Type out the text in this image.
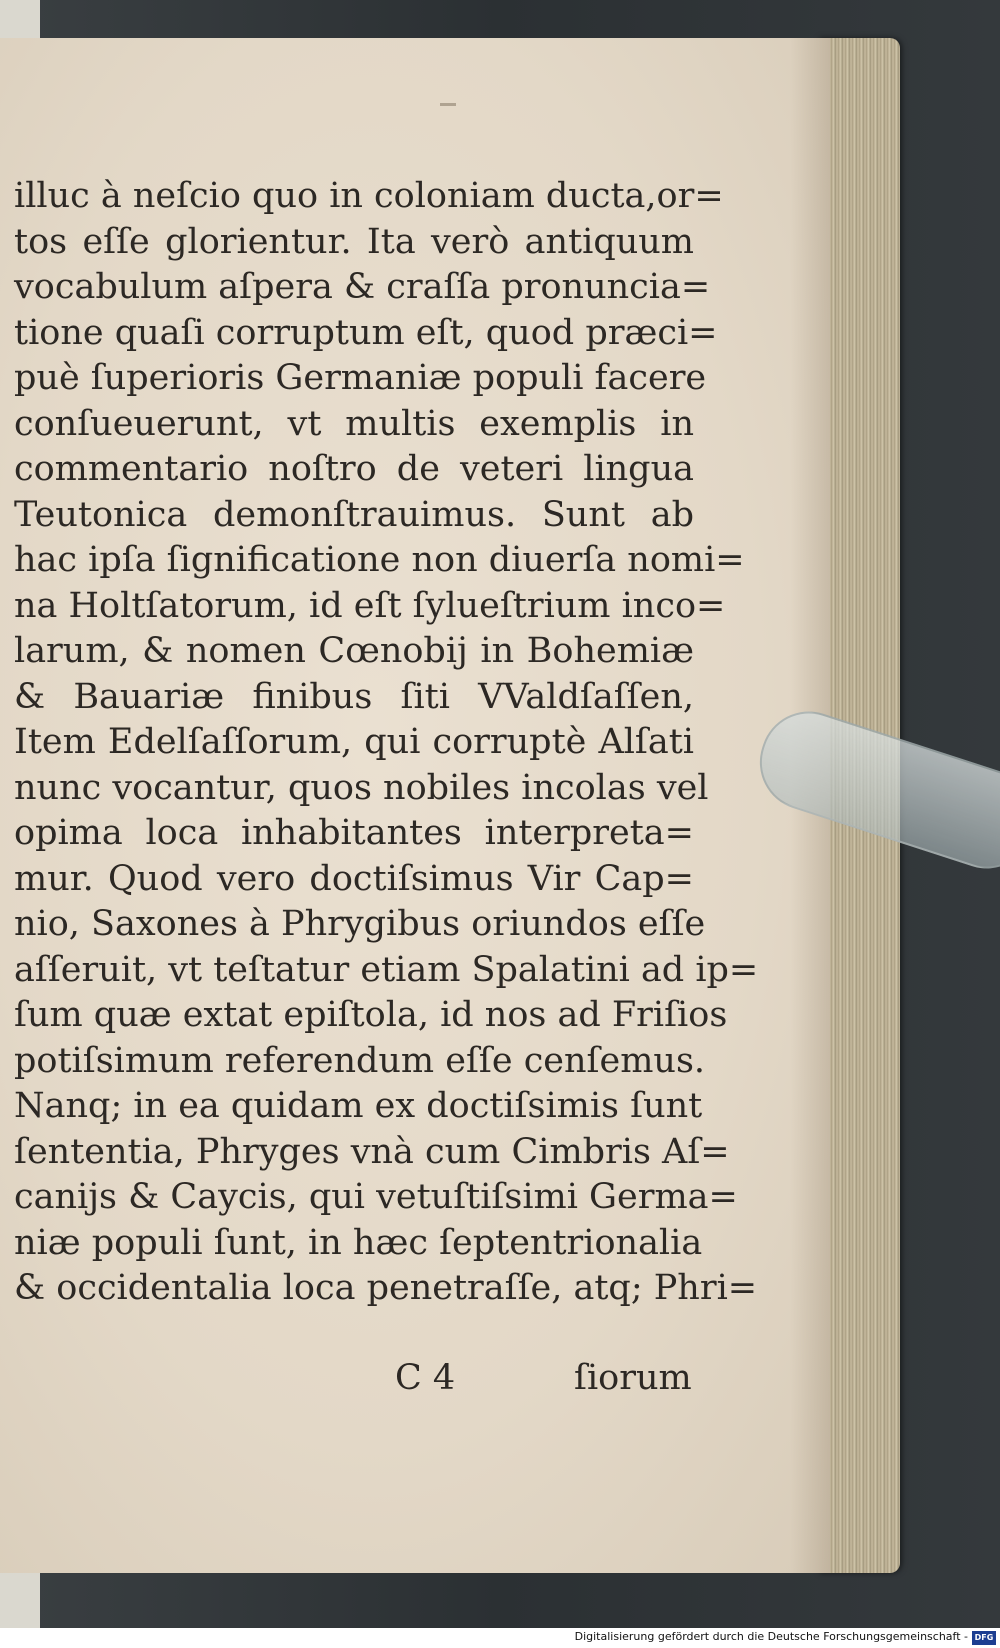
illuc à neſcio quo in coloniam ducta,or=
tos eſſe glorientur. Ita verò antiquum
vocabulum aſpera & craſſa pronuncia=
tione quaſi corruptum eſt, quod præci=
puè ſuperioris Germaniæ populi facere
conſueuerunt, vt multis exemplis in
commentario noſtro de veteri lingua
Teutonica demonſtrauimus. Sunt ab
hac ipſa ſignificatione non diuerſa nomi=
na Holtſatorum, id eſt ſylueſtrium inco=
larum, & nomen Cœnobij in Bohemiæ
& Bauariæ finibus ſiti VValdſaſſen,
Item Edelſaſſorum, qui corruptè Alſati
nunc vocantur, quos nobiles incolas vel
opima loca inhabitantes interpreta=
mur. Quod vero doctiſsimus Vir Cap=
nio, Saxones à Phrygibus oriundos eſſe
aſſeruit, vt teſtatur etiam Spalatini ad ip=
ſum quæ extat epiſtola, id nos ad Friſios
potiſsimum referendum eſſe cenſemus.
Nanq; in ea quidam ex doctiſsimis ſunt
ſententia, Phryges vnà cum Cimbris Aſ=
canijs & Caycis, qui vetuſtiſsimi Germa=
niæ populi ſunt, in hæc ſeptentrionalia
& occidentalia loca penetraſſe, atq; Phri=
C 4	ſiorum
Digitalisierung gefördert durch die Deutsche Forschungsgemeinschaft - DFG
